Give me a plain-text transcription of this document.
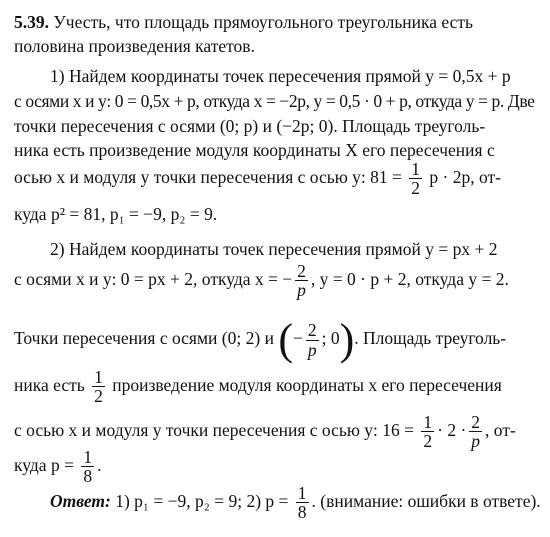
5.39. Учесть, что площадь прямоугольного треугольника есть
половина произведения катетов.
1) Найдем координаты точек пересечения прямой y = 0,5x + p
с осями x и y: 0 = 0,5x + p, откуда x = −2p, y = 0,5 · 0 + p, откуда y = p. Две
точки пересечения с осями (0; p) и (−2p; 0). Площадь треуголь-
ника есть произведение модуля координаты X его пересечения с
осью x и модуля y точки пересечения с осью y: $81 = \frac{1}{2}$ p · 2p, от-
куда p² = 81, p₁ = −9, p₂ = 9.
2) Найдем координаты точек пересечения прямой y = px + 2
с осями x и y: 0 = px + 2, откуда x = − $\frac{2}{p}$ , y = 0 · p + 2, откуда y = 2.
Точки пересечения с осями (0; 2) и (− $\frac{2}{p}$ ; 0). Площадь треуголь-
ника есть $\frac{1}{2}$ произведение модуля координаты x его пересечения
с осью x и модуля y точки пересечения с осью y: $16 = \frac{1}{2} \cdot 2 \cdot \frac{2}{p}$ , от-
куда $p = \frac{1}{8}$ .
Ответ: 1) p₁ = −9, p₂ = 9; 2) $p = \frac{1}{8}$ . (внимание: ошибки в ответе).
